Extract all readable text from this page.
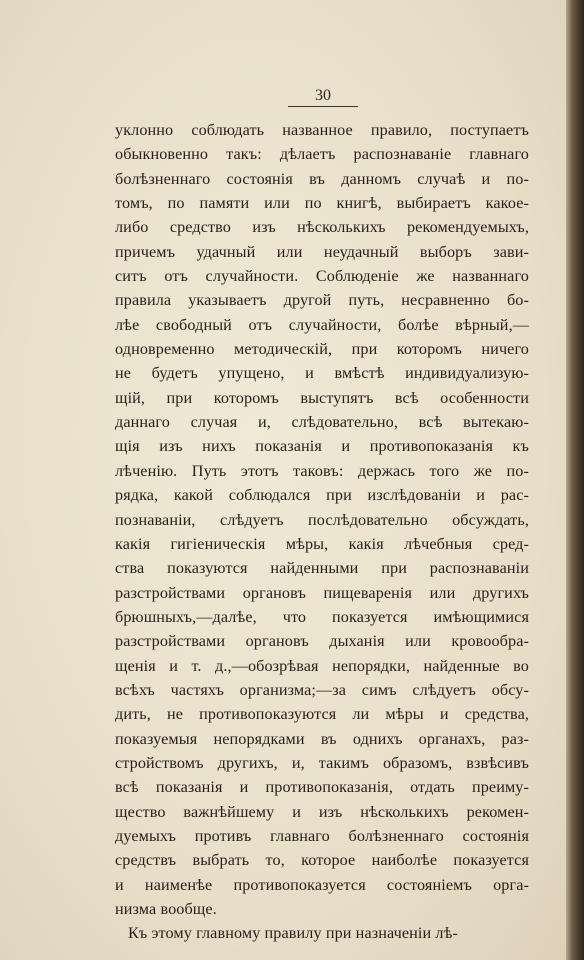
30
уклонно соблюдать названное правило, поступаетъ
обыкновенно такъ: дѣлаетъ распознаваніе главнаго
болѣзненнаго состоянія въ данномъ случаѣ и по-
томъ, по памяти или по книгѣ, выбираетъ какое-
либо средство изъ нѣсколькихъ рекомендуемыхъ,
причемъ удачный или неудачный выборъ зави-
ситъ отъ случайности. Соблюденіе же названнаго
правила указываетъ другой путь, несравненно бо-
лѣе свободный отъ случайности, болѣе вѣрный,—
одновременно методическій, при которомъ ничего
не будетъ упущено, и вмѣстѣ индивидуализую-
щій, при которомъ выступятъ всѣ особенности
даннаго случая и, слѣдовательно, всѣ вытекаю-
щія изъ нихъ показанія и противопоказанія къ
лѣченію. Путь этотъ таковъ: держась того же по-
рядка, какой соблюдался при изслѣдованіи и рас-
познаваніи, слѣдуетъ послѣдовательно обсуждать,
какія гигіеническія мѣры, какія лѣчебныя сред-
ства показуются найденными при распознаваніи
разстройствами органовъ пищеваренія или другихъ
брюшныхъ,—далѣе, что показуется имѣющимися
разстройствами органовъ дыханія или кровообра-
щенія и т. д.,—обозрѣвая непорядки, найденные во
всѣхъ частяхъ организма;—за симъ слѣдуетъ обсу-
дить, не противопоказуются ли мѣры и средства,
показуемыя непорядками въ однихъ органахъ, раз-
стройствомъ другихъ, и, такимъ образомъ, взвѣсивъ
всѣ показанія и противопоказанія, отдать преиму-
щество важнѣйшему и изъ нѣсколькихъ рекомен-
дуемыхъ противъ главнаго болѣзненнаго состоянія
средствъ выбрать то, которое наиболѣе показуется
и наименѣе противопоказуется состояніемъ орга-
низма вообще.
Къ этому главному правилу при назначеніи лѣ-
